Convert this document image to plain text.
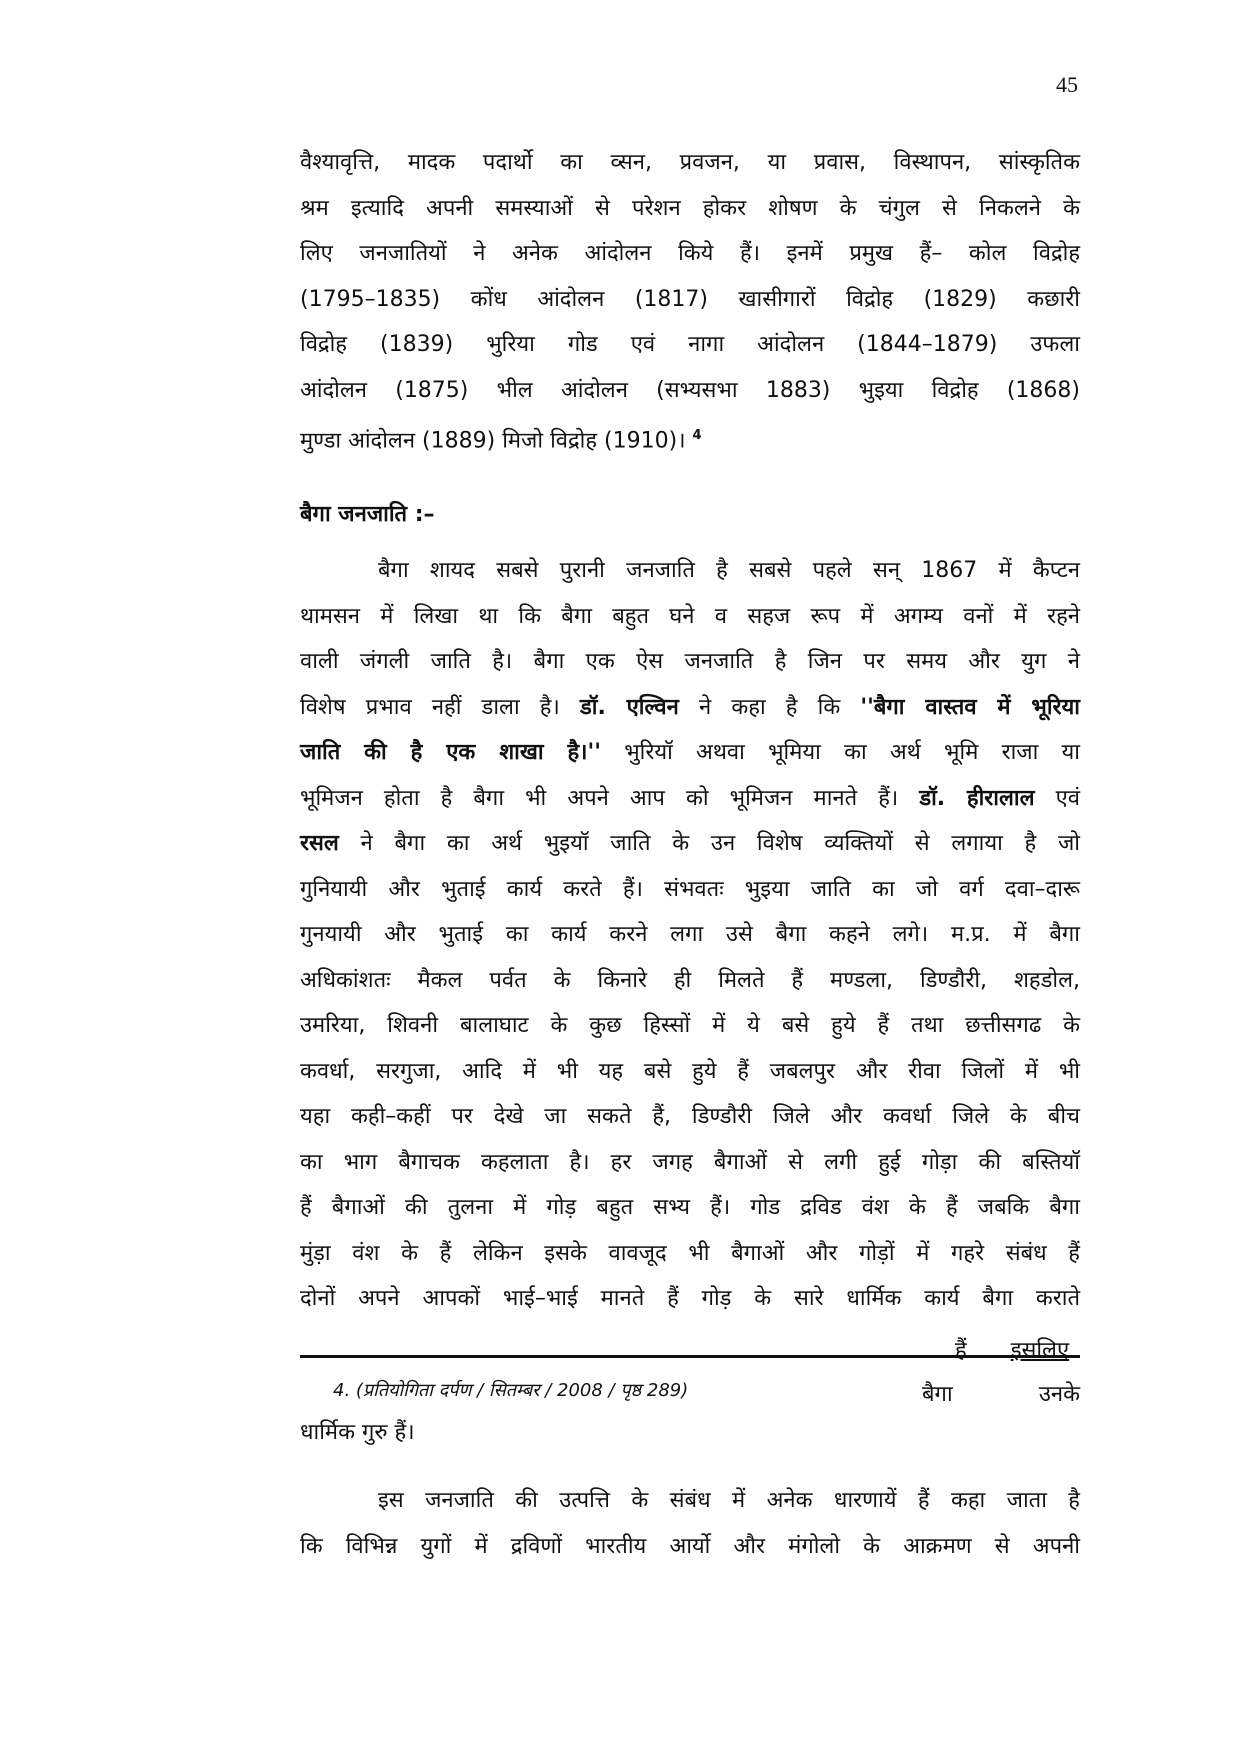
45

वैश्यावृत्ति, मादक पदार्थो का व्सन, प्रवजन, या प्रवास, विस्थापन, सांस्कृतिक
श्रम इत्यादि अपनी समस्याओं से परेशन होकर शोषण के चंगुल से निकलने के
लिए जनजातियों ने अनेक आंदोलन किये हैं। इनमें प्रमुख हैं– कोल विद्रोह
(1795–1835) कोंध आंदोलन (1817) खासीगारों विद्रोह (1829) कछारी
विद्रोह (1839) भुरिया गोड एवं नागा आंदोलन (1844–1879) उफला
आंदोलन (1875) भील आंदोलन (सभ्यसभा 1883) भुइया विद्रोह (1868)

मुण्डा आंदोलन (1889) मिजो विद्रोह (1910)। $^4$

बैगा जनजाति :–

बैगा शायद सबसे पुरानी जनजाति है सबसे पहले सन् 1867 में कैप्टन
थामसन में लिखा था कि बैगा बहुत घने व सहज रूप में अगम्य वनों में रहने
वाली जंगली जाति है। बैगा एक ऐस जनजाति है जिन पर समय और युग ने
विशेष प्रभाव नहीं डाला है। डॉ. एल्विन ने कहा है कि ''बैगा वास्तव में भूरिया
जाति की है एक शाखा है।'' भुरियॉ अथवा भूमिया का अर्थ भूमि राजा या
भूमिजन होता है बैगा भी अपने आप को भूमिजन मानते हैं। डॉ. हीरालाल एवं
रसल ने बैगा का अर्थ भुइयॉ जाति के उन विशेष व्यक्तियों से लगाया है जो
गुनियायी और भुताई कार्य करते हैं। संभवतः भुइया जाति का जो वर्ग दवा–दारू
गुनयायी और भुताई का कार्य करने लगा उसे बैगा कहने लगे। म.प्र. में बैगा
अधिकांशतः मैकल पर्वत के किनारे ही मिलते हैं मण्डला, डिण्डौरी, शहडोल,
उमरिया, शिवनी बालाघाट के कुछ हिस्सों में ये बसे हुये हैं तथा छत्तीसगढ के
कवर्धा, सरगुजा, आदि में भी यह बसे हुये हैं जबलपुर और रीवा जिलों में भी
यहा कही–कहीं पर देखे जा सकते हैं, डिण्डौरी जिले और कवर्धा जिले के बीच
का भाग बैगाचक कहलाता है। हर जगह बैगाओं से लगी हुई गोड़ा की बस्तियॉ
हैं बैगाओं की तुलना में गोड़ बहुत सभ्य हैं। गोड द्रविड वंश के हैं जबकि बैगा
मुंड़ा वंश के हैं लेकिन इसके वावजूद भी बैगाओं और गोड़ों में गहरे संबंध हैं
दोनों अपने आपकों भाई–भाई मानते हैं गोड़ के सारे धार्मिक कार्य बैगा कराते

हैं इसलिए
4. (प्रतियोगिता दर्पण / सितम्बर / 2008 / पृष्ठ 289)	बैगा	उनके
धार्मिक गुरु हैं।

इस जनजाति की उत्पत्ति के संबंध में अनेक धारणायें हैं कहा जाता है
कि विभिन्न युगों में द्रविणों भारतीय आर्यो और मंगोलो के आक्रमण से अपनी
